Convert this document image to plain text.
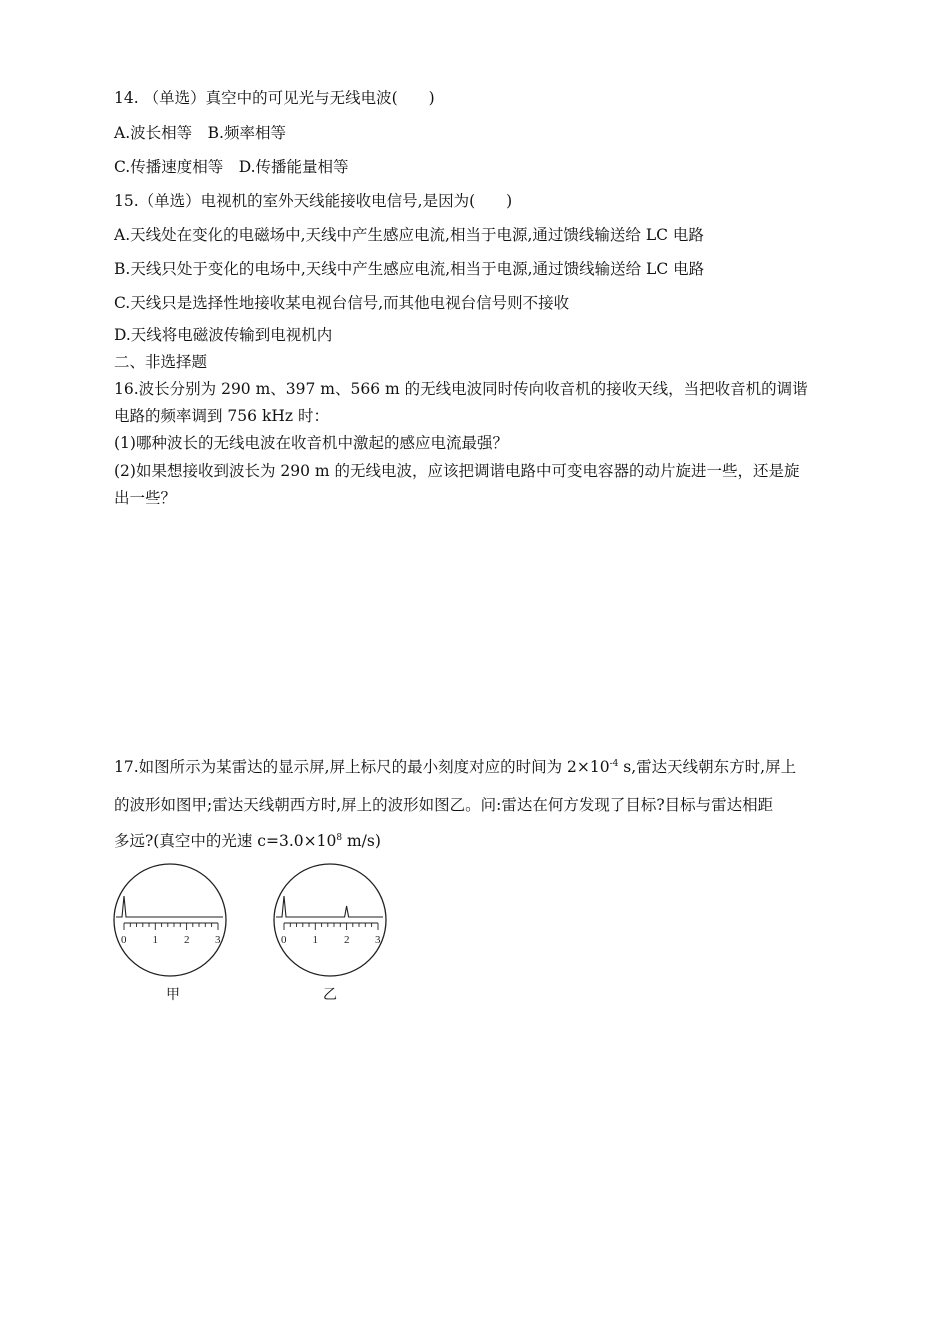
14. （单选）真空中的可见光与无线电波(　　)
A.波长相等　B.频率相等
C.传播速度相等　D.传播能量相等
15.（单选）电视机的室外天线能接收电信号,是因为(　　)
A.天线处在变化的电磁场中,天线中产生感应电流,相当于电源,通过馈线输送给 LC 电路
B.天线只处于变化的电场中,天线中产生感应电流,相当于电源,通过馈线输送给 LC 电路
C.天线只是选择性地接收某电视台信号,而其他电视台信号则不接收
D.天线将电磁波传输到电视机内
二、非选择题
16.波长分别为 290 m、397 m、566 m 的无线电波同时传向收音机的接收天线，当把收音机的调谐
电路的频率调到 756 kHz 时：
(1)哪种波长的无线电波在收音机中激起的感应电流最强？
(2)如果想接收到波长为 290 m 的无线电波，应该把调谐电路中可变电容器的动片旋进一些，还是旋
出一些？
17.如图所示为某雷达的显示屏,屏上标尺的最小刻度对应的时间为 $2\times 10^{-4}$ s,雷达天线朝东方时,屏上
的波形如图甲;雷达天线朝西方时,屏上的波形如图乙。问:雷达在何方发现了目标?目标与雷达相距
多远?(真空中的光速 $c=3.0\times 10^8$ m/s)
0 1 2 3
甲
0 1 2 3
乙
